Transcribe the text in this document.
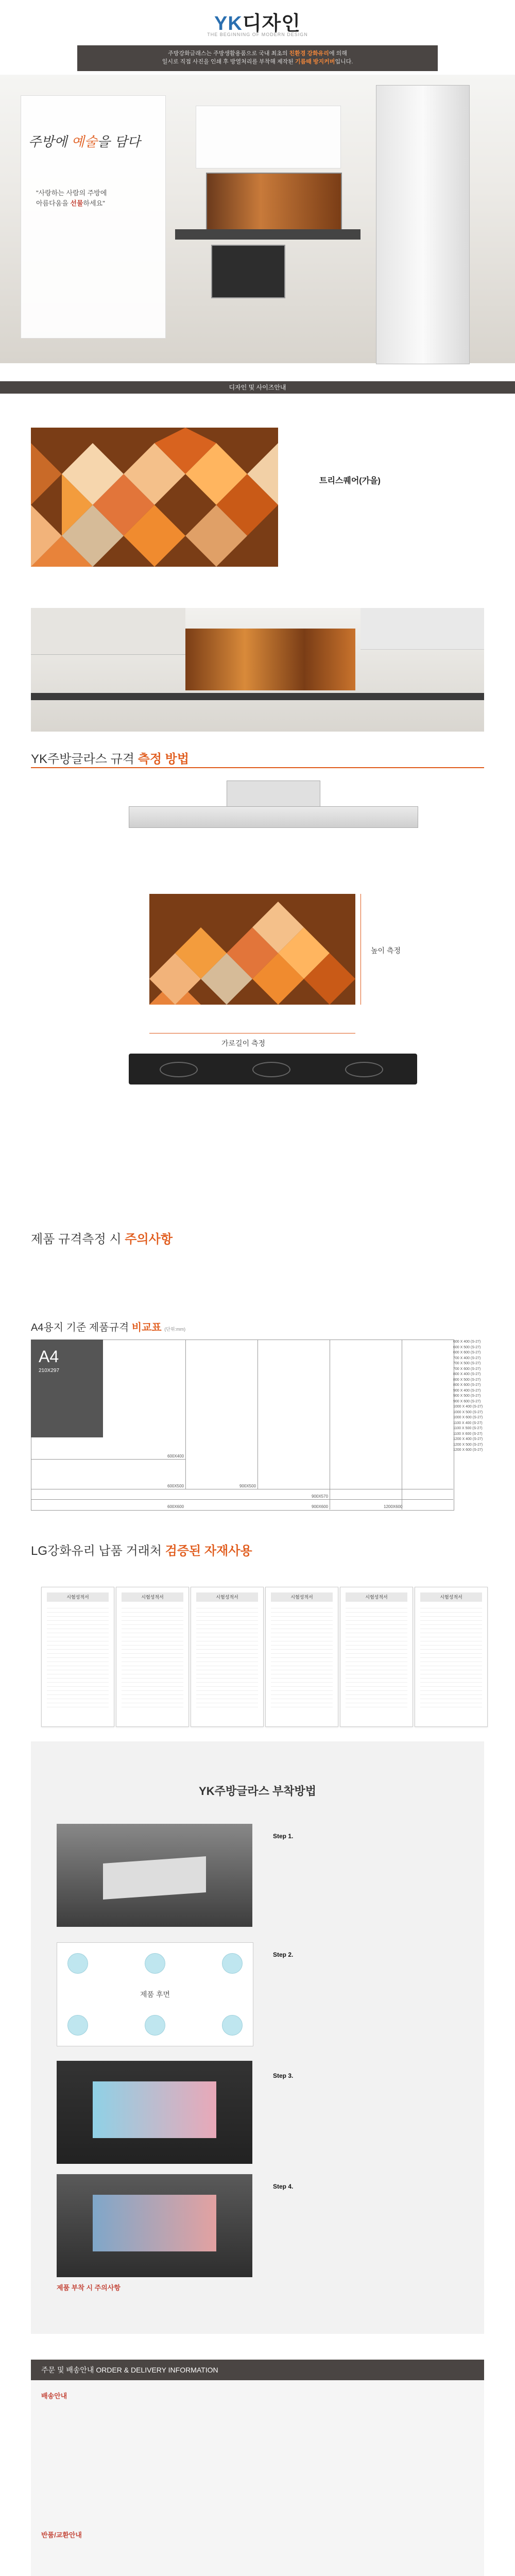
YK디자인
THE BEGINNING OF MODERN DESIGN
주방강화글래스는 주방생활용품으로 국내 최초의 친환경 강화유리에 의해
일시로 직접 사진을 인쇄 후 방열처리를 부착해 제작된 기름때 방지커버입니다.
주방에 예술을 담다
"사랑하는 사람의 주방에
아름다움을 선물하세요"
디자인 및 사이즈안내
트리스퀘어(가을)
YK주방글라스 규격 측정 방법
높이 측정
가로길이 측정
제품 규격측정 시 주의사항
A4용지 기준 제품규격 비교표 (단위:mm)
A4
210X297
600X400
600X500	900X500
900X570
600X600	900X600	1200X600
600 X 400 (S-27)
600 X 500 (S-27)
600 X 600 (S-27)
700 X 400 (S-27)
700 X 500 (S-27)
700 X 600 (S-27)
800 X 400 (S-27)
800 X 500 (S-27)
800 X 600 (S-27)
900 X 400 (S-27)
900 X 500 (S-27)
900 X 600 (S-27)
1000 X 400 (S-27)
1000 X 500 (S-27)
1000 X 600 (S-27)
1100 X 400 (S-27)
1100 X 500 (S-27)
1100 X 600 (S-27)
1200 X 400 (S-27)
1200 X 500 (S-27)
1200 X 600 (S-27)
LG강화유리 납품 거래처 검증된 자재사용
시험성적서	시험성적서	시험성적서	시험성적서	시험성적서	시험성적서
YK주방글라스 부착방법
Step 1.
제품 후면
Step 2.
Step 3.
Step 4.
제품 부착 시 주의사항
주문 및 배송안내 ORDER & DELIVERY INFORMATION
배송안내
반품/교환안내
